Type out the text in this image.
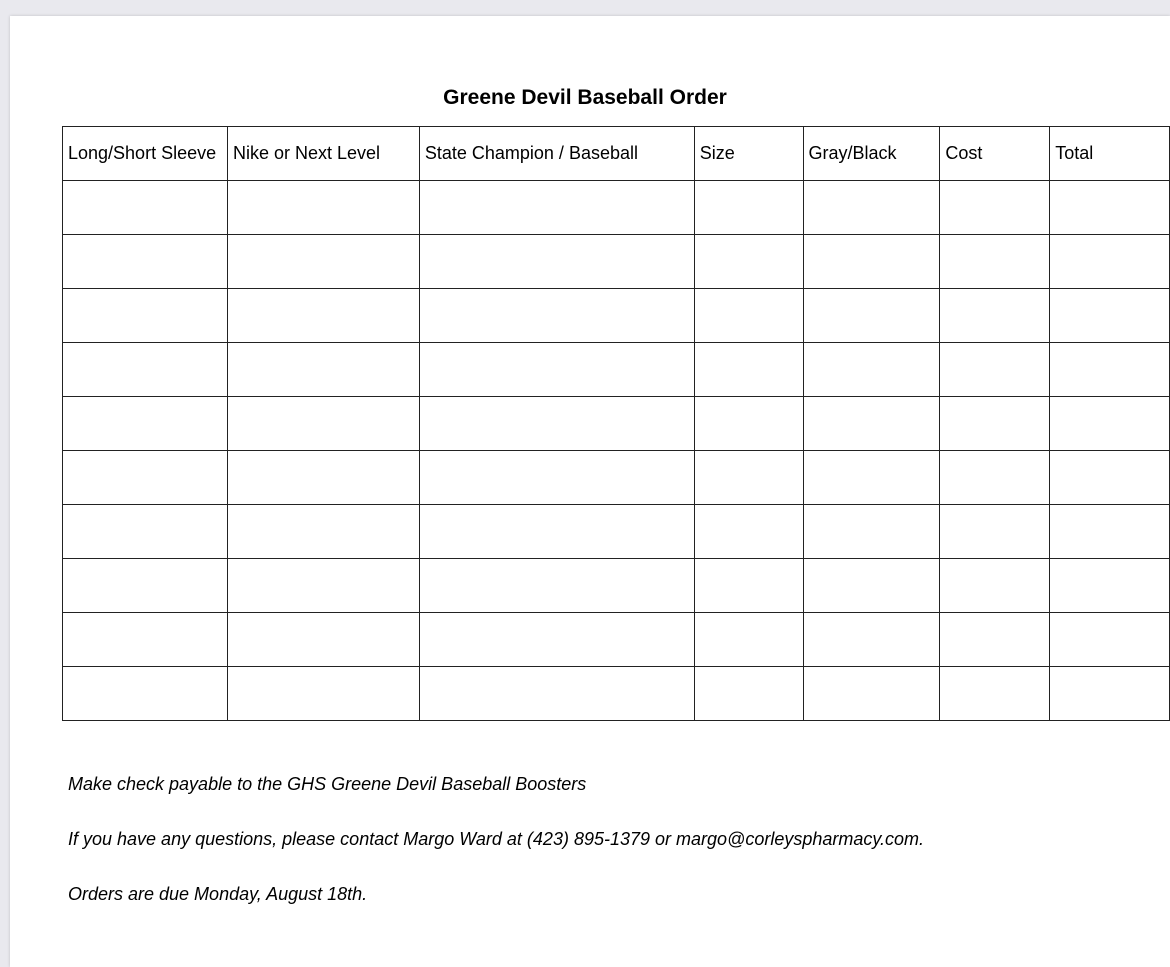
Greene Devil Baseball Order
Long/Short Sleeve	Nike or Next Level	State Champion / Baseball	Size	Gray/Black	Cost	Total

Make check payable to the GHS Greene Devil Baseball Boosters
If you have any questions, please contact Margo Ward at (423) 895-1379 or margo@corleyspharmacy.com.
Orders are due Monday, August 18th.
